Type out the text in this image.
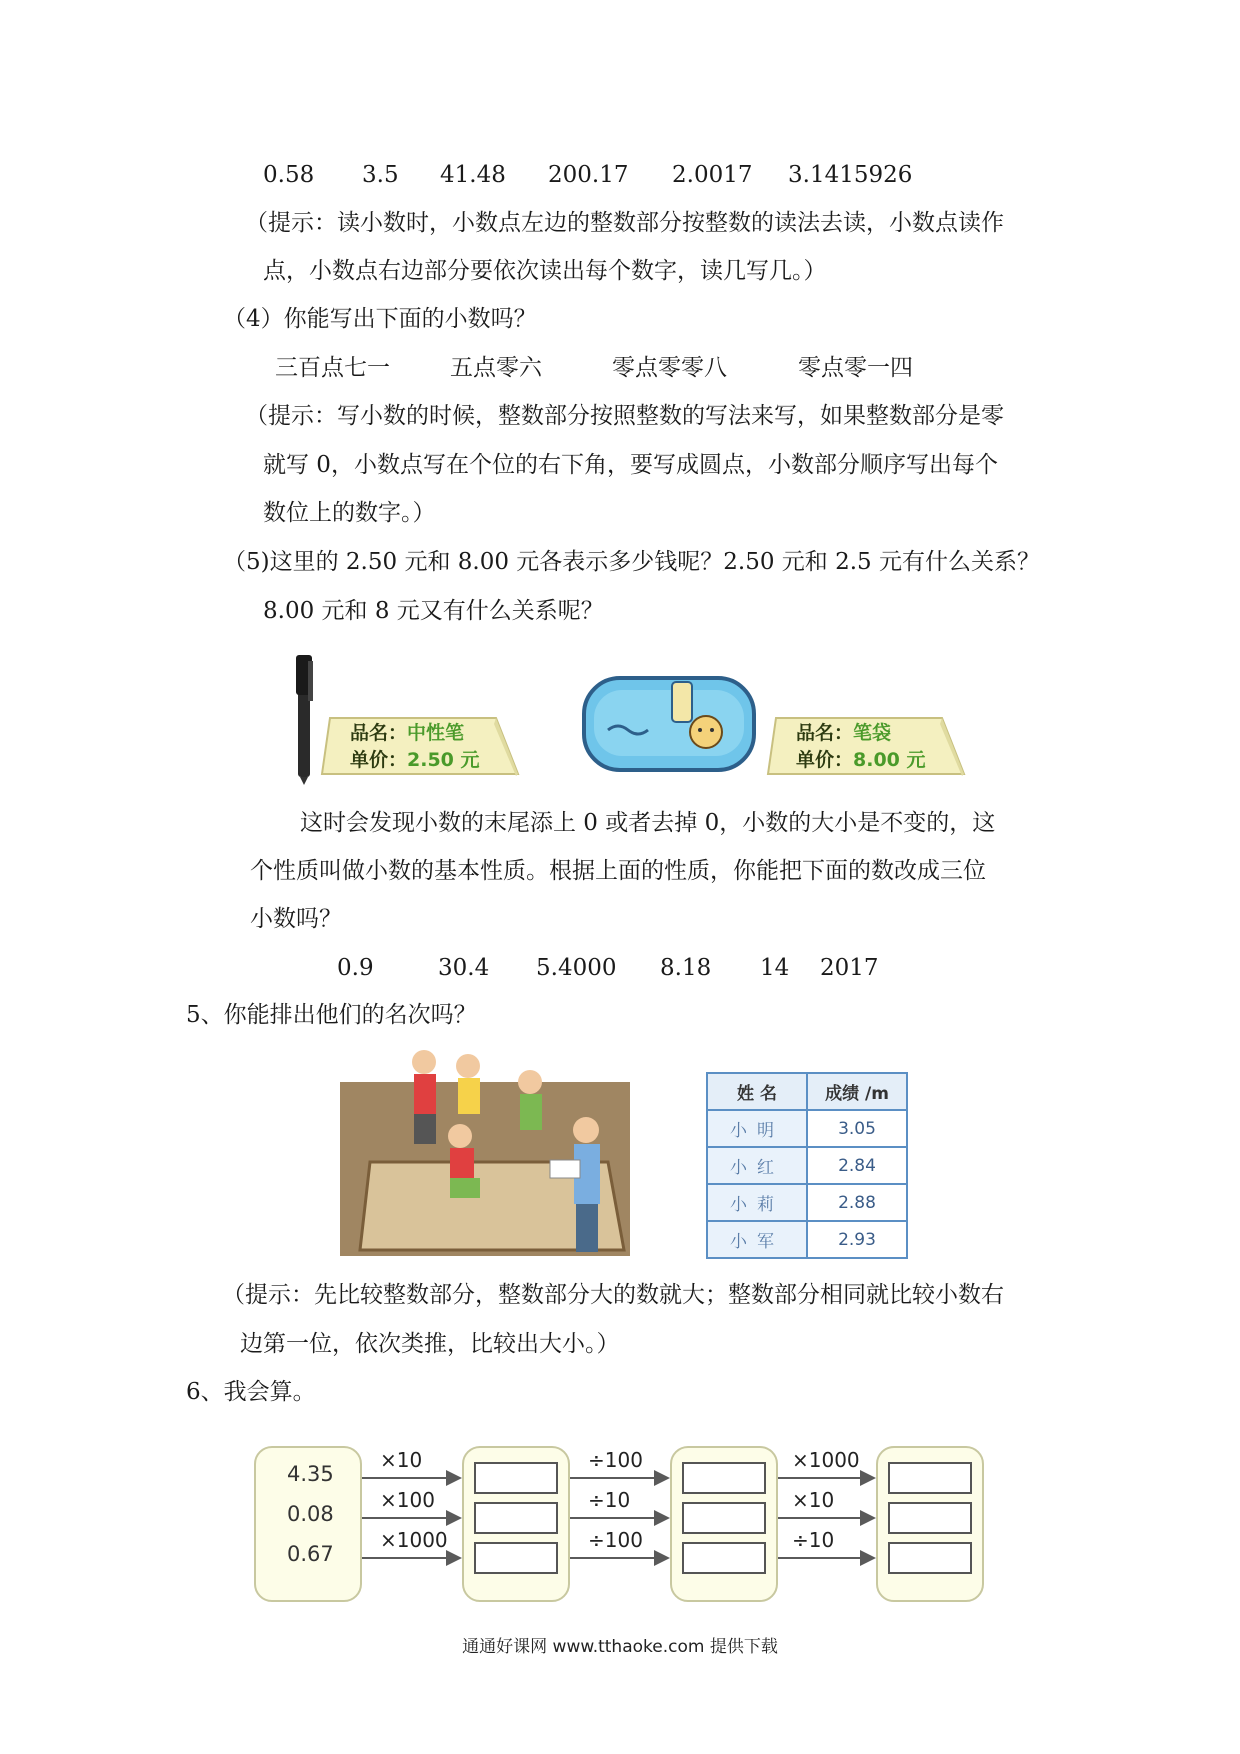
0.58 3.5 41.48 200.17 2.0017 3.1415926
（提示：读小数时，小数点左边的整数部分按整数的读法去读，小数点读作
点，小数点右边部分要依次读出每个数字，读几写几。）
（4）你能写出下面的小数吗？
三百点七一	五点零六	零点零零八	零点零一四
（提示：写小数的时候，整数部分按照整数的写法来写，如果整数部分是零
就写 0，小数点写在个位的右下角，要写成圆点，小数部分顺序写出每个
数位上的数字。）
（5)这里的 2.50 元和 8.00 元各表示多少钱呢？2.50 元和 2.5 元有什么关系？
8.00 元和 8 元又有什么关系呢？
品名：中性笔
单价：2.50 元
品名：笔袋
单价：8.00 元
这时会发现小数的末尾添上 0 或者去掉 0，小数的大小是不变的，这
个性质叫做小数的基本性质。根据上面的性质，你能把下面的数改成三位
小数吗？
0.9	30.4 5.4000 8.18 14 2017
5、你能排出他们的名次吗？
姓 名	成绩 /m
小明	3.05
小红	2.84
小莉	2.88
小军	2.93
（提示：先比较整数部分，整数部分大的数就大；整数部分相同就比较小数右
边第一位，依次类推，比较出大小。）
6、我会算。
4.35
0.08
0.67
×10
×100
×1000
÷100
÷10
÷100
×1000
×10
÷10
通通好课网 www.tthaoke.com 提供下载
